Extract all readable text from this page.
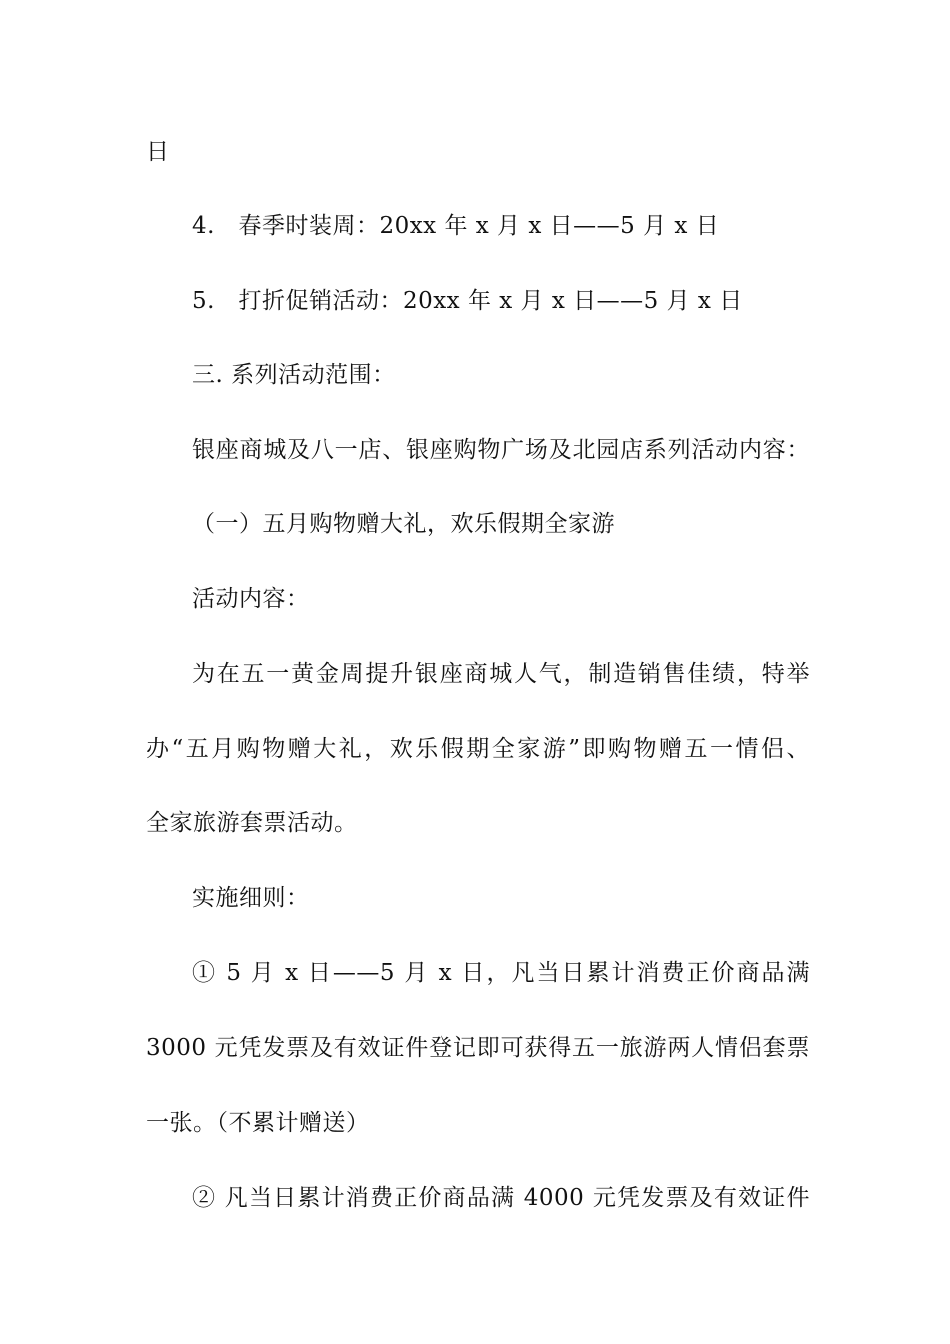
日
4.　春季时装周：20xx 年 x 月 x 日——5 月 x 日
5.　打折促销活动：20xx 年 x 月 x 日——5 月 x 日
三. 系列活动范围：
银座商城及八一店、银座购物广场及北园店系列活动内容：
（一）五月购物赠大礼，欢乐假期全家游
活动内容：
为在五一黄金周提升银座商城人气，制造销售佳绩，特举
办“五月购物赠大礼，欢乐假期全家游”即购物赠五一情侣、
全家旅游套票活动。
实施细则：
① 5 月 x 日——5 月 x 日，凡当日累计消费正价商品满
3000 元凭发票及有效证件登记即可获得五一旅游两人情侣套票
一张。（不累计赠送）
② 凡当日累计消费正价商品满 4000 元凭发票及有效证件
